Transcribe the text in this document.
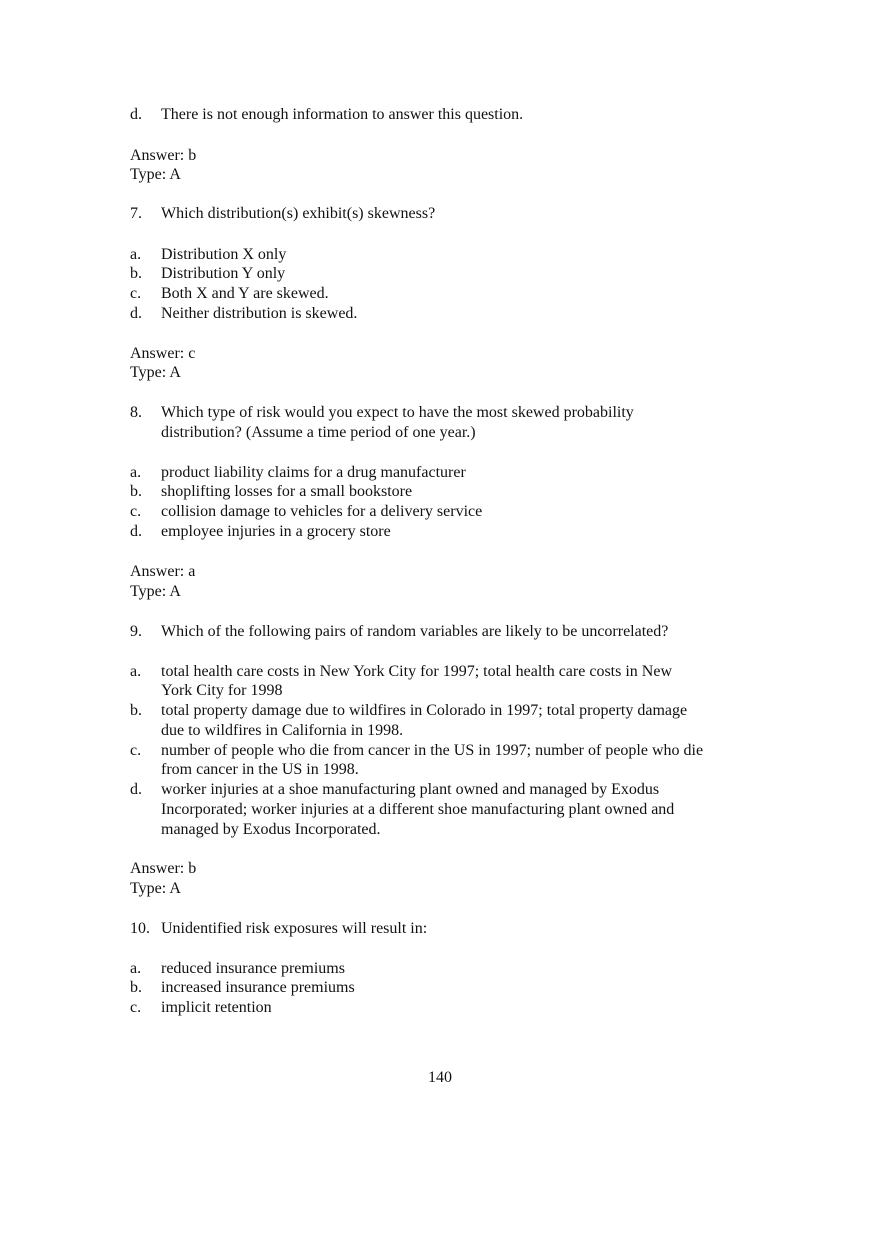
d. There is not enough information to answer this question.
Answer: b
Type: A
7. Which distribution(s) exhibit(s) skewness?
a. Distribution X only
b. Distribution Y only
c. Both X and Y are skewed.
d. Neither distribution is skewed.
Answer: c
Type: A
8. Which type of risk would you expect to have the most skewed probability
distribution? (Assume a time period of one year.)
a. product liability claims for a drug manufacturer
b. shoplifting losses for a small bookstore
c. collision damage to vehicles for a delivery service
d. employee injuries in a grocery store
Answer: a
Type: A
9. Which of the following pairs of random variables are likely to be uncorrelated?
a. total health care costs in New York City for 1997; total health care costs in New
York City for 1998
b. total property damage due to wildfires in Colorado in 1997; total property damage
due to wildfires in California in 1998.
c. number of people who die from cancer in the US in 1997; number of people who die
from cancer in the US in 1998.
d. worker injuries at a shoe manufacturing plant owned and managed by Exodus
Incorporated; worker injuries at a different shoe manufacturing plant owned and
managed by Exodus Incorporated.
Answer: b
Type: A
10. Unidentified risk exposures will result in:
a. reduced insurance premiums
b. increased insurance premiums
c. implicit retention
140
